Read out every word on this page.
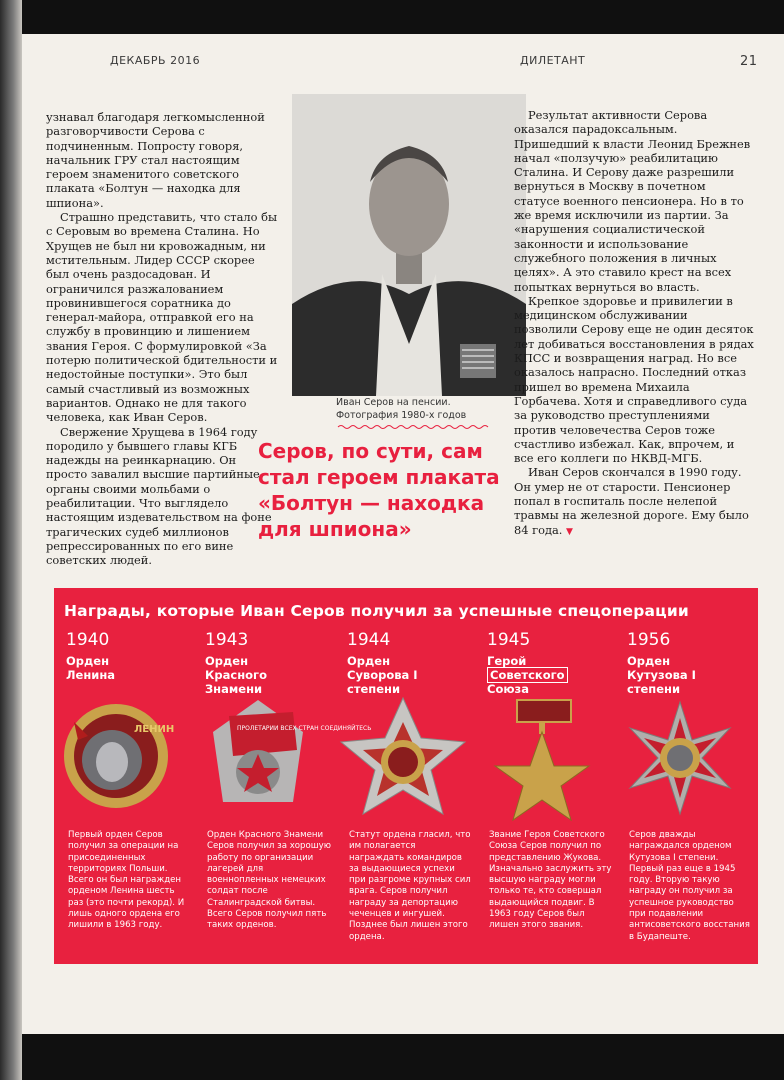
ДЕКАБРЬ 2016	ДИЛЕТАНТ	21

узнавал благодаря легкомысленной разговорчивости Серова с подчиненным. Попросту говоря, начальник ГРУ стал настоящим героем знаменитого советского плаката «Болтун — находка для шпиона».

Страшно представить, что стало бы с Серовым во времена Сталина. Но Хрущев не был ни кровожадным, ни мстительным. Лидер СССР скорее был очень раздосадован. И ограничился разжалованием провинившегося соратника до генерал-майора, отправкой его на службу в провинцию и лишением звания Героя. С формулировкой «За потерю политической бдительности и недостойные поступки». Это был самый счастливый из возможных вариантов. Однако не для такого человека, как Иван Серов.

Свержение Хрущева в 1964 году породило у бывшего главы КГБ надежды на реинкарнацию. Он просто завалил высшие партийные органы своими мольбами о реабилитации. Что выглядело настоящим издевательством на фоне трагических судеб миллионов репрессированных по его вине советских людей.

Иван Серов на пенсии.
Фотография 1980-х годов
Серов, по сути, сам стал героем плаката «Болтун — находка для шпиона»

Результат активности Серова оказался парадоксальным. Пришедший к власти Леонид Брежнев начал «ползучую» реабилитацию Сталина. И Серову даже разрешили вернуться в Москву в почетном статусе военного пенсионера. Но в то же время исключили из партии. За «нарушения социалистической законности и использование служебного положения в личных целях». А это ставило крест на всех попытках вернуться во власть.

Крепкое здоровье и привилегии в медицинском обслуживании позволили Серову еще не один десяток лет добиваться восстановления в рядах КПСС и возвращения наград. Но все оказалось напрасно. Последний отказ пришел во времена Михаила Горбачева. Хотя и справедливого суда за руководство преступлениями против человечества Серов тоже счастливо избежал. Как, впрочем, и все его коллеги по НКВД-МГБ.

Иван Серов скончался в 1990 году. Он умер не от старости. Пенсионер попал в госпиталь после нелепой травмы на железной дороге. Ему было 84 года. ▼

Награды, которые Иван Серов получил за успешные спецоперации
1940
Орден Ленина
ЛЕНИН
Первый орден Серов получил за операции на присоединенных территориях Польши. Всего он был награжден орденом Ленина шесть раз (это почти рекорд). И лишь одного ордена его лишили в 1963 году.
1943
Орден Красного Знамени
ПРОЛЕТАРИИ ВСЕХ СТРАН СОЕДИНЯЙТЕСЬ
Орден Красного Знамени Серов получил за хорошую работу по организации лагерей для военнопленных немецких солдат после Сталинградской битвы. Всего Серов получил пять таких орденов.
1944
Орден Суворова I степени
Статут ордена гласил, что им полагается награждать командиров за выдающиеся успехи при разгроме крупных сил врага. Серов получил награду за депортацию чеченцев и ингушей. Позднее был лишен этого ордена.
1945
Герой
Советского
Союза
Звание Героя Советского Союза Серов получил по представлению Жукова. Изначально заслужить эту высшую награду могли только те, кто совершал выдающийся подвиг. В 1963 году Серов был лишен этого звания.
1956
Орден Кутузова I степени
Серов дважды награждался орденом Кутузова I степени. Первый раз еще в 1945 году. Вторую такую награду он получил за успешное руководство при подавлении антисоветского восстания в Будапеште.
